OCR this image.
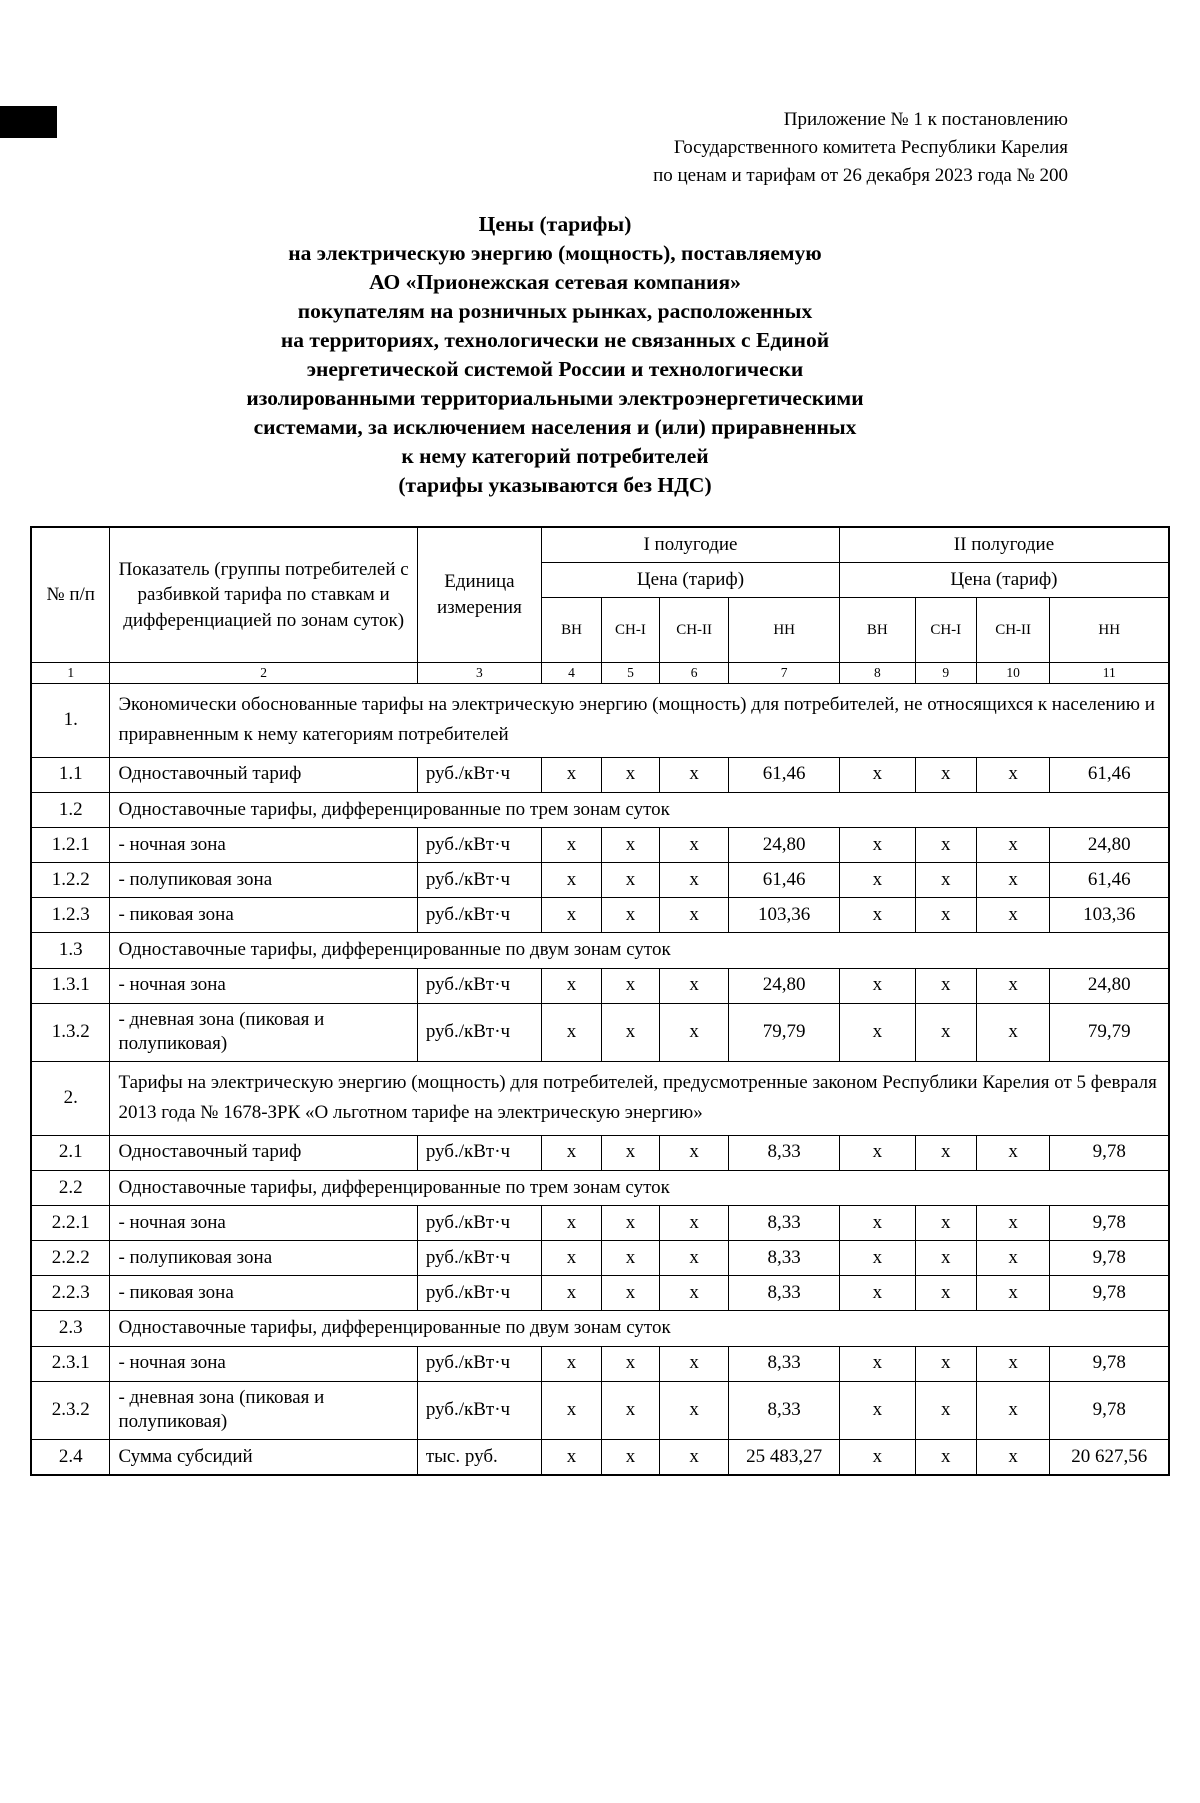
Приложение № 1 к постановлению
Государственного комитета Республики Карелия
по ценам и тарифам от 26 декабря 2023 года № 200
Цены (тарифы)
на электрическую энергию (мощность), поставляемую
АО «Прионежская сетевая компания»
покупателям на розничных рынках, расположенных
на территориях, технологически не связанных с Единой
энергетической системой России и технологически
изолированными территориальными электроэнергетическими
системами, за исключением населения и (или) приравненных
к нему категорий потребителей
(тарифы указываются без НДС)
№ п/п	Показатель (группы потребителей с разбивкой тарифа по ставкам и дифференциацией по зонам суток)	Единица измерения	I полугодие				II полугодие			
			Цена (тариф)				Цена (тариф)			
			ВН	СН-I	СН-II	НН	ВН	СН-I	СН-II	НН
1	2	3	4	5	6	7	8	9	10	11
1.	Экономически обоснованные тарифы на электрическую энергию (мощность) для потребителей, не относящихся к населению и приравненным к нему категориям потребителей									
1.1	Одноставочный тариф	руб./кВт·ч	х	х	х	61,46	х	х	х	61,46
1.2	Одноставочные тарифы, дифференцированные по трем зонам суток									
1.2.1	- ночная зона	руб./кВт·ч	х	х	х	24,80	х	х	х	24,80
1.2.2	- полупиковая зона	руб./кВт·ч	х	х	х	61,46	х	х	х	61,46
1.2.3	- пиковая зона	руб./кВт·ч	х	х	х	103,36	х	х	х	103,36
1.3	Одноставочные тарифы, дифференцированные по двум зонам суток									
1.3.1	- ночная зона	руб./кВт·ч	х	х	х	24,80	х	х	х	24,80
1.3.2	- дневная зона (пиковая и полупиковая)	руб./кВт·ч	х	х	х	79,79	х	х	х	79,79
2.	Тарифы на электрическую энергию (мощность) для потребителей, предусмотренные законом Республики Карелия от 5 февраля 2013 года № 1678-ЗРК «О льготном тарифе на электрическую энергию»									
2.1	Одноставочный тариф	руб./кВт·ч	х	х	х	8,33	х	х	х	9,78
2.2	Одноставочные тарифы, дифференцированные по трем зонам суток									
2.2.1	- ночная зона	руб./кВт·ч	х	х	х	8,33	х	х	х	9,78
2.2.2	- полупиковая зона	руб./кВт·ч	х	х	х	8,33	х	х	х	9,78
2.2.3	- пиковая зона	руб./кВт·ч	х	х	х	8,33	х	х	х	9,78
2.3	Одноставочные тарифы, дифференцированные по двум зонам суток									
2.3.1	- ночная зона	руб./кВт·ч	х	х	х	8,33	х	х	х	9,78
2.3.2	- дневная зона (пиковая и полупиковая)	руб./кВт·ч	х	х	х	8,33	х	х	х	9,78
2.4	Сумма субсидий	тыс. руб.	х	х	х	25 483,27	х	х	х	20 627,56
